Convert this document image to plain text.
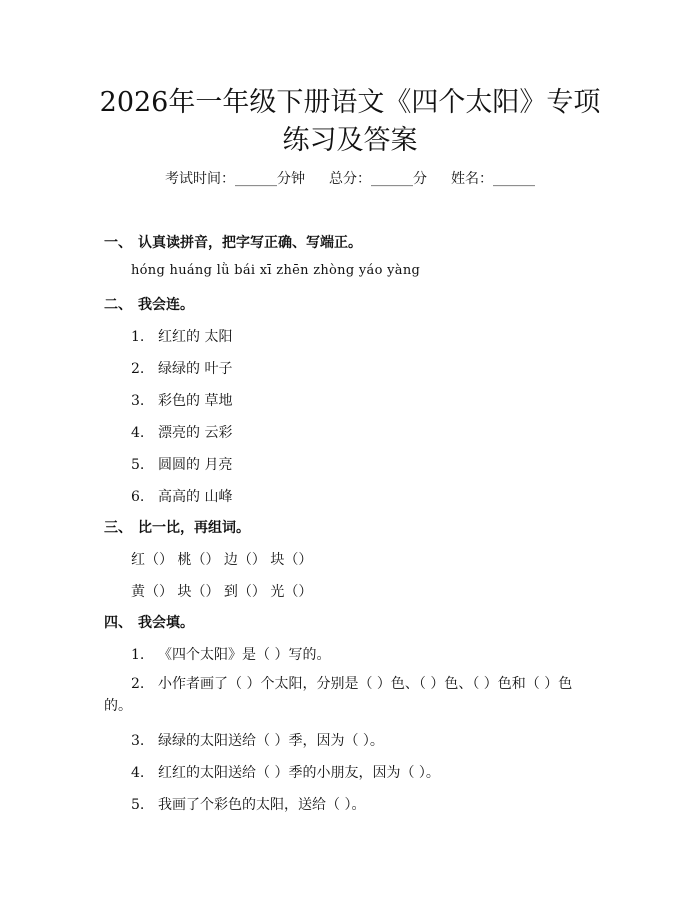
2026年一年级下册语文《四个太阳》专项练习及答案
考试时间：______分钟 总分：______分 姓名：______
一、 认真读拼音，把字写正确、写端正。
hóng huáng lǜ bái xī zhēn zhòng yáo yàng
二、 我会连。
1. 红红的 太阳
2. 绿绿的 叶子
3. 彩色的 草地
4. 漂亮的 云彩
5. 圆圆的 月亮
6. 高高的 山峰
三、 比一比，再组词。
红（） 桃（） 边（） 块（）
黄（） 块（） 到（） 光（）
四、 我会填。
1. 《四个太阳》是（ ）写的。
2. 小作者画了（ ）个太阳，分别是（ ）色、（ ）色、（ ）色和（ ）色的。
3. 绿绿的太阳送给（ ）季，因为（ ）。
4. 红红的太阳送给（ ）季的小朋友，因为（ ）。
5. 我画了个彩色的太阳，送给（ ）。
